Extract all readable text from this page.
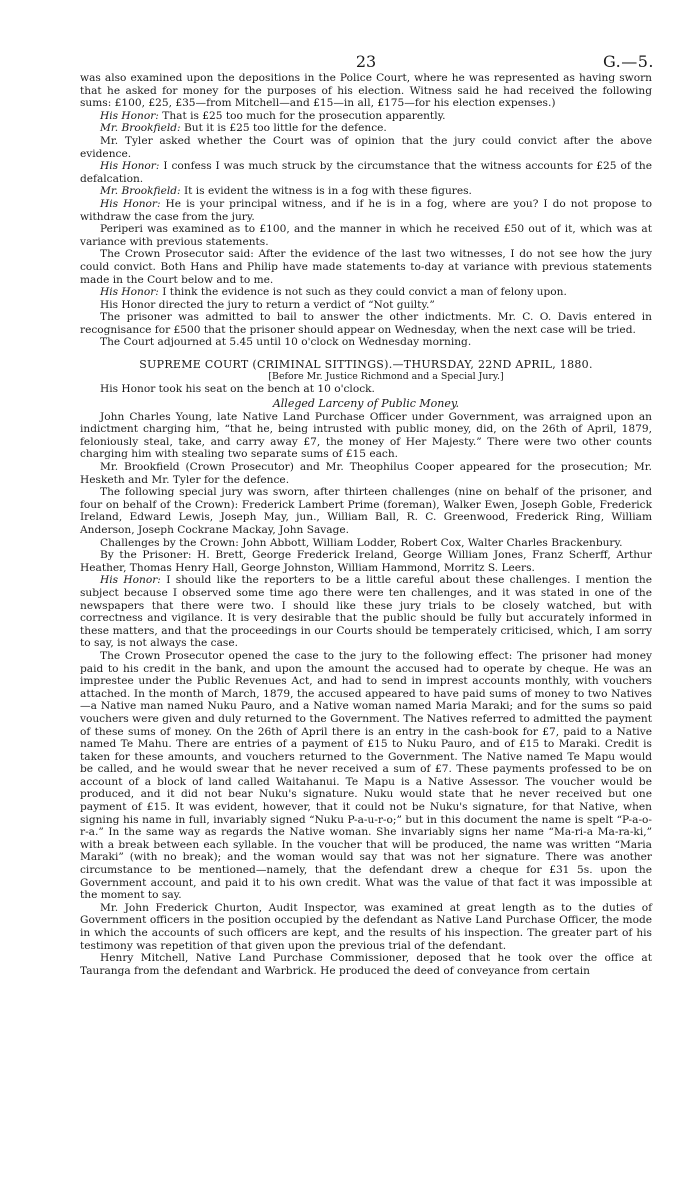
23	G.—5.

was also examined upon the depositions in the Police Court, where he was represented as having sworn that he asked for money for the purposes of his election. Witness said he had received the following sums: £100, £25, £35—from Mitchell—and £15—in all, £175—for his election expenses.)

His Honor: That is £25 too much for the prosecution apparently.

Mr. Brookfield: But it is £25 too little for the defence.

Mr. Tyler asked whether the Court was of opinion that the jury could convict after the above evidence.

His Honor: I confess I was much struck by the circumstance that the witness accounts for £25 of the defalcation.

Mr. Brookfield: It is evident the witness is in a fog with these figures.

His Honor: He is your principal witness, and if he is in a fog, where are you? I do not propose to withdraw the case from the jury.

Periperi was examined as to £100, and the manner in which he received £50 out of it, which was at variance with previous statements.

The Crown Prosecutor said: After the evidence of the last two witnesses, I do not see how the jury could convict. Both Hans and Philip have made statements to-day at variance with previous statements made in the Court below and to me.

His Honor: I think the evidence is not such as they could convict a man of felony upon.

His Honor directed the jury to return a verdict of “Not guilty.”

The prisoner was admitted to bail to answer the other indictments. Mr. C. O. Davis entered in recognisance for £500 that the prisoner should appear on Wednesday, when the next case will be tried.

The Court adjourned at 5.45 until 10 o'clock on Wednesday morning.

SUPREME COURT (CRIMINAL SITTINGS).—THURSDAY, 22ND APRIL, 1880.
[Before Mr. Justice Richmond and a Special Jury.]

His Honor took his seat on the bench at 10 o'clock.

Alleged Larceny of Public Money.

John Charles Young, late Native Land Purchase Officer under Government, was arraigned upon an indictment charging him, “that he, being intrusted with public money, did, on the 26th of April, 1879, feloniously steal, take, and carry away £7, the money of Her Majesty.” There were two other counts charging him with stealing two separate sums of £15 each.

Mr. Brookfield (Crown Prosecutor) and Mr. Theophilus Cooper appeared for the prosecution; Mr. Hesketh and Mr. Tyler for the defence.

The following special jury was sworn, after thirteen challenges (nine on behalf of the prisoner, and four on behalf of the Crown): Frederick Lambert Prime (foreman), Walker Ewen, Joseph Goble, Frederick Ireland, Edward Lewis, Joseph May, jun., William Ball, R. C. Greenwood, Frederick Ring, William Anderson, Joseph Cockrane Mackay, John Savage.

Challenges by the Crown: John Abbott, William Lodder, Robert Cox, Walter Charles Brackenbury.

By the Prisoner: H. Brett, George Frederick Ireland, George William Jones, Franz Scherff, Arthur Heather, Thomas Henry Hall, George Johnston, William Hammond, Morritz S. Leers.

His Honor: I should like the reporters to be a little careful about these challenges. I mention the subject because I observed some time ago there were ten challenges, and it was stated in one of the newspapers that there were two. I should like these jury trials to be closely watched, but with correctness and vigilance. It is very desirable that the public should be fully but accurately informed in these matters, and that the proceedings in our Courts should be temperately criticised, which, I am sorry to say, is not always the case.

The Crown Prosecutor opened the case to the jury to the following effect: The prisoner had money paid to his credit in the bank, and upon the amount the accused had to operate by cheque. He was an imprestee under the Public Revenues Act, and had to send in imprest accounts monthly, with vouchers attached. In the month of March, 1879, the accused appeared to have paid sums of money to two Natives—a Native man named Nuku Pauro, and a Native woman named Maria Maraki; and for the sums so paid vouchers were given and duly returned to the Government. The Natives referred to admitted the payment of these sums of money. On the 26th of April there is an entry in the cash-book for £7, paid to a Native named Te Mahu. There are entries of a payment of £15 to Nuku Pauro, and of £15 to Maraki. Credit is taken for these amounts, and vouchers returned to the Government. The Native named Te Mapu would be called, and he would swear that he never received a sum of £7. These payments professed to be on account of a block of land called Waitahanui. Te Mapu is a Native Assessor. The voucher would be produced, and it did not bear Nuku's signature. Nuku would state that he never received but one payment of £15. It was evident, however, that it could not be Nuku's signature, for that Native, when signing his name in full, invariably signed “Nuku P-a-u-r-o;” but in this document the name is spelt “P-a-o-r-a.” In the same way as regards the Native woman. She invariably signs her name “Ma-ri-a Ma-ra-ki,” with a break between each syllable. In the voucher that will be produced, the name was written “Maria Maraki” (with no break); and the woman would say that was not her signature. There was another circumstance to be mentioned—namely, that the defendant drew a cheque for £31 5s. upon the Government account, and paid it to his own credit. What was the value of that fact it was impossible at the moment to say.

Mr. John Frederick Churton, Audit Inspector, was examined at great length as to the duties of Government officers in the position occupied by the defendant as Native Land Purchase Officer, the mode in which the accounts of such officers are kept, and the results of his inspection. The greater part of his testimony was repetition of that given upon the previous trial of the defendant.

Henry Mitchell, Native Land Purchase Commissioner, deposed that he took over the office at Tauranga from the defendant and Warbrick. He produced the deed of conveyance from certain
